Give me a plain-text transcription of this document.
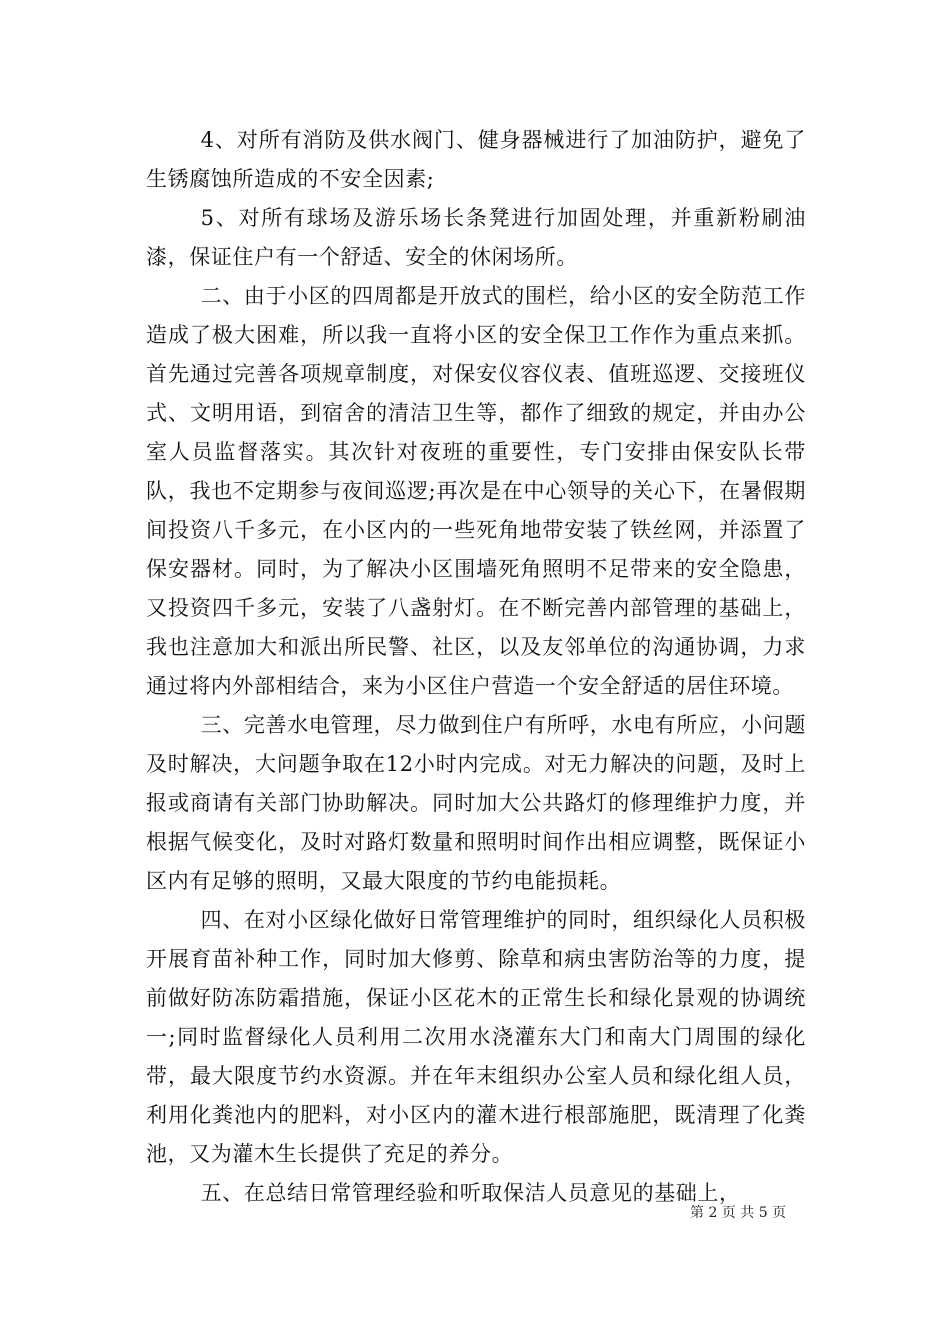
4、对所有消防及供水阀门、健身器械进行了加油防护，避免了生锈腐蚀所造成的不安全因素;

5、对所有球场及游乐场长条凳进行加固处理，并重新粉刷油漆，保证住户有一个舒适、安全的休闲场所。

二、由于小区的四周都是开放式的围栏，给小区的安全防范工作造成了极大困难，所以我一直将小区的安全保卫工作作为重点来抓。首先通过完善各项规章制度，对保安仪容仪表、值班巡逻、交接班仪式、文明用语，到宿舍的清洁卫生等，都作了细致的规定，并由办公室人员监督落实。其次针对夜班的重要性，专门安排由保安队长带队，我也不定期参与夜间巡逻;再次是在中心领导的关心下，在暑假期间投资八千多元，在小区内的一些死角地带安装了铁丝网，并添置了保安器材。同时，为了解决小区围墙死角照明不足带来的安全隐患，又投资四千多元，安装了八盏射灯。在不断完善内部管理的基础上，我也注意加大和派出所民警、社区，以及友邻单位的沟通协调，力求通过将内外部相结合，来为小区住户营造一个安全舒适的居住环境。

三、完善水电管理，尽力做到住户有所呼，水电有所应，小问题及时解决，大问题争取在12小时内完成。对无力解决的问题，及时上报或商请有关部门协助解决。同时加大公共路灯的修理维护力度，并根据气候变化，及时对路灯数量和照明时间作出相应调整，既保证小区内有足够的照明，又最大限度的节约电能损耗。

四、在对小区绿化做好日常管理维护的同时，组织绿化人员积极开展育苗补种工作，同时加大修剪、除草和病虫害防治等的力度，提前做好防冻防霜措施，保证小区花木的正常生长和绿化景观的协调统一;同时监督绿化人员利用二次用水浇灌东大门和南大门周围的绿化带，最大限度节约水资源。并在年末组织办公室人员和绿化组人员，利用化粪池内的肥料，对小区内的灌木进行根部施肥，既清理了化粪池，又为灌木生长提供了充足的养分。

五、在总结日常管理经验和听取保洁人员意见的基础上，

第 2 页 共 5 页
